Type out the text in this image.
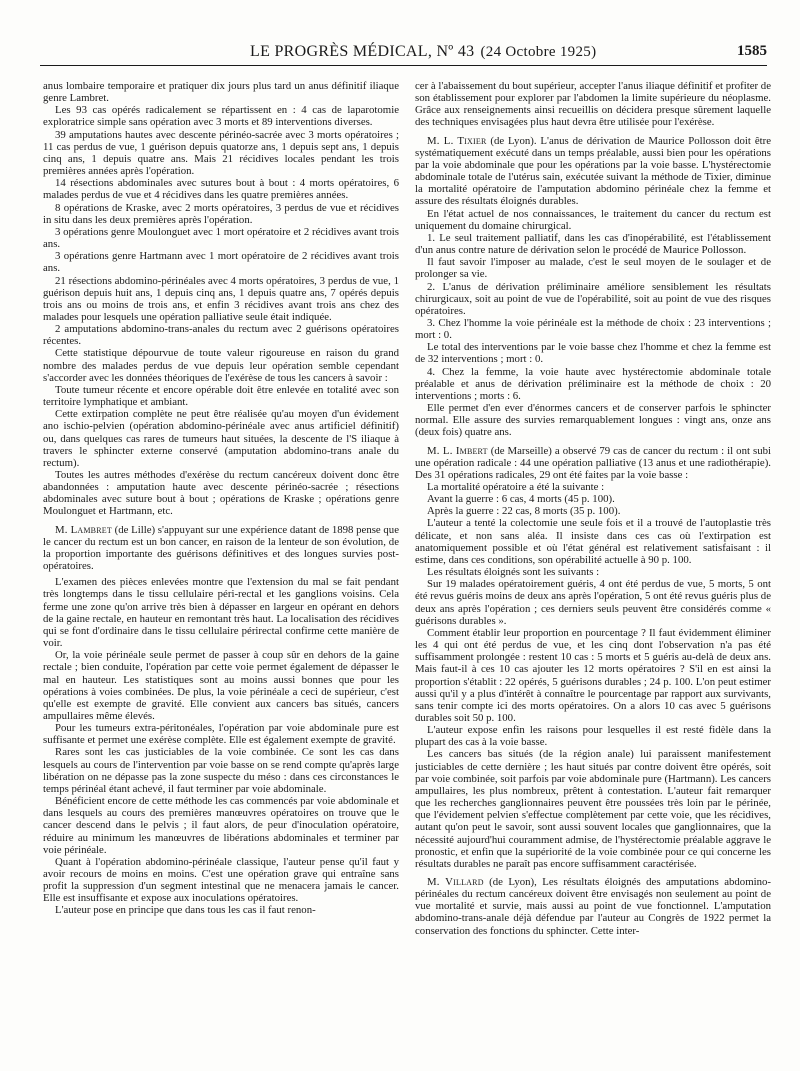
LE PROGRÈS MÉDICAL, Nº 43 (24 Octobre 1925)	1585

anus lombaire temporaire et pratiquer dix jours plus tard un anus définitif iliaque genre Lambret.

Les 93 cas opérés radicalement se répartissent en : 4 cas de laparotomie exploratrice simple sans opération avec 3 morts et 89 interventions diverses.

39 amputations hautes avec descente périnéo-sacrée avec 3 morts opératoires ; 11 cas perdus de vue, 1 guérison depuis quatorze ans, 1 depuis sept ans, 1 depuis cinq ans, 1 depuis quatre ans. Mais 21 récidives locales pendant les trois premières années après l'opération.

14 résections abdominales avec sutures bout à bout : 4 morts opératoires, 6 malades perdus de vue et 4 récidives dans les quatre premières années.

8 opérations de Kraske, avec 2 morts opératoires, 3 perdus de vue et récidives in situ dans les deux premières après l'opération.

3 opérations genre Moulonguet avec 1 mort opératoire et 2 récidives avant trois ans.

3 opérations genre Hartmann avec 1 mort opératoire de 2 récidives avant trois ans.

21 résections abdomino-périnéales avec 4 morts opératoires, 3 perdus de vue, 1 guérison depuis huit ans, 1 depuis cinq ans, 1 depuis quatre ans, 7 opérés depuis trois ans ou moins de trois ans, et enfin 3 récidives avant trois ans chez des malades pour lesquels une opération palliative seule était indiquée.

2 amputations abdomino-trans-anales du rectum avec 2 guérisons opératoires récentes.

Cette statistique dépourvue de toute valeur rigoureuse en raison du grand nombre des malades perdus de vue depuis leur opération semble cependant s'accorder avec les données théoriques de l'exérèse de tous les cancers à savoir :

Toute tumeur récente et encore opérable doit être enlevée en totalité avec son territoire lymphatique et ambiant.

Cette extirpation complète ne peut être réalisée qu'au moyen d'un évidement ano ischio-pelvien (opération abdomino-périnéale avec anus artificiel définitif) ou, dans quelques cas rares de tumeurs haut situées, la descente de l'S iliaque à travers le sphincter externe conservé (amputation abdomino-trans anale du rectum).

Toutes les autres méthodes d'exérèse du rectum cancéreux doivent donc être abandonnées : amputation haute avec descente périnéo-sacrée ; résections abdominales avec suture bout à bout ; opérations de Kraske ; opérations genre Moulonguet et Hartmann, etc.

M. Lambret (de Lille) s'appuyant sur une expérience datant de 1898 pense que le cancer du rectum est un bon cancer, en raison de la lenteur de son évolution, de la proportion importante des guérisons définitives et des longues survies post-opératoires.

L'examen des pièces enlevées montre que l'extension du mal se fait pendant très longtemps dans le tissu cellulaire péri-rectal et les ganglions voisins. Cela ferme une zone qu'on arrive très bien à dépasser en largeur en opérant en dehors de la gaine rectale, en hauteur en remontant très haut. La localisation des récidives qui se font d'ordinaire dans le tissu cellulaire périrectal confirme cette manière de voir.

Or, la voie périnéale seule permet de passer à coup sûr en dehors de la gaine rectale ; bien conduite, l'opération par cette voie permet également de dépasser le mal en hauteur. Les statistiques sont au moins aussi bonnes que pour les opérations à voies combinées. De plus, la voie périnéale a ceci de supérieur, c'est qu'elle est exempte de gravité. Elle convient aux cancers bas situés, cancers ampullaires même élevés.

Pour les tumeurs extra-péritonéales, l'opération par voie abdominale pure est suffisante et permet une exérèse complète. Elle est également exempte de gravité.

Rares sont les cas justiciables de la voie combinée. Ce sont les cas dans lesquels au cours de l'intervention par voie basse on se rend compte qu'après large libération on ne dépasse pas la zone suspecte du méso : dans ces circonstances le temps périnéal étant achevé, il faut terminer par voie abdominale.

Bénéficient encore de cette méthode les cas commencés par voie abdominale et dans lesquels au cours des premières manœuvres opératoires on trouve que le cancer descend dans le pelvis ; il faut alors, de peur d'inoculation opératoire, réduire au minimum les manœuvres de libérations abdominales et terminer par voie périnéale.

Quant à l'opération abdomino-périnéale classique, l'auteur pense qu'il faut y avoir recours de moins en moins. C'est une opération grave qui entraîne sans profit la suppression d'un segment intestinal que ne menacera jamais le cancer. Elle est insuffisante et expose aux inoculations opératoires.

L'auteur pose en principe que dans tous les cas il faut renon-

cer à l'abaissement du bout supérieur, accepter l'anus iliaque définitif et profiter de son établissement pour explorer par l'abdomen la limite supérieure du néoplasme. Grâce aux renseignements ainsi recueillis on décidera presque sûrement laquelle des techniques envisagées plus haut devra être utilisée pour l'exérèse.

M. L. Tixier (de Lyon). L'anus de dérivation de Maurice Pollosson doit être systématiquement exécuté dans un temps préalable, aussi bien pour les opérations par la voie abdominale que pour les opérations par la voie basse. L'hystérectomie abdominale totale de l'utérus sain, exécutée suivant la méthode de Tixier, diminue la mortalité opératoire de l'amputation abdomino périnéale chez la femme et assure des résultats éloignés durables.

En l'état actuel de nos connaissances, le traitement du cancer du rectum est uniquement du domaine chirurgical.

1. Le seul traitement palliatif, dans les cas d'inopérabilité, est l'établissement d'un anus contre nature de dérivation selon le procédé de Maurice Pollosson.

Il faut savoir l'imposer au malade, c'est le seul moyen de le soulager et de prolonger sa vie.

2. L'anus de dérivation préliminaire améliore sensiblement les résultats chirurgicaux, soit au point de vue de l'opérabilité, soit au point de vue des risques opératoires.

3. Chez l'homme la voie périnéale est la méthode de choix : 23 interventions ; mort : 0.

Le total des interventions par le voie basse chez l'homme et chez la femme est de 32 interventions ; mort : 0.

4. Chez la femme, la voie haute avec hystérectomie abdominale totale préalable et anus de dérivation préliminaire est la méthode de choix : 20 interventions ; morts : 6.

Elle permet d'en ever d'énormes cancers et de conserver parfois le sphincter normal. Elle assure des survies remarquablement longues : vingt ans, onze ans (deux fois) quatre ans.

M. L. Imbert (de Marseille) a observé 79 cas de cancer du rectum : il ont subi une opération radicale : 44 une opération palliative (13 anus et une radiothérapie). Des 31 opérations radicales, 29 ont été faites par la voie basse :

La mortalité opératoire a été la suivante :

Avant la guerre : 6 cas, 4 morts (45 p. 100).

Après la guerre : 22 cas, 8 morts (35 p. 100).

L'auteur a tenté la colectomie une seule fois et il a trouvé de l'autoplastie très délicate, et non sans aléa. Il insiste dans ces cas où l'extirpation est anatomiquement possible et où l'état général est relativement satisfaisant : il estime, dans ces conditions, son opérabilité actuelle à 90 p. 100.

Les résultats éloignés sont les suivants :

Sur 19 malades opératoirement guéris, 4 ont été perdus de vue, 5 morts, 5 ont été revus guéris moins de deux ans après l'opération, 5 ont été revus guéris plus de deux ans après l'opération ; ces derniers seuls peuvent être considérés comme « guérisons durables ».

Comment établir leur proportion en pourcentage ? Il faut évidemment éliminer les 4 qui ont été perdus de vue, et les cinq dont l'observation n'a pas été suffisamment prolongée : restent 10 cas : 5 morts et 5 guéris au-delà de deux ans. Mais faut-il à ces 10 cas ajouter les 12 morts opératoires ? S'il en est ainsi la proportion s'établit : 22 opérés, 5 guérisons durables ; 24 p. 100. L'on peut estimer aussi qu'il y a plus d'intérêt à connaître le pourcentage par rapport aux survivants, sans tenir compte ici des morts opératoires. On a alors 10 cas avec 5 guérisons durables soit 50 p. 100.

L'auteur expose enfin les raisons pour lesquelles il est resté fidèle dans la plupart des cas à la voie basse.

Les cancers bas situés (de la région anale) lui paraissent manifestement justiciables de cette dernière ; les haut situés par contre doivent être opérés, soit par voie combinée, soit parfois par voie abdominale pure (Hartmann). Les cancers ampullaires, les plus nombreux, prêtent à contestation. L'auteur fait remarquer que les recherches ganglionnaires peuvent être poussées très loin par le périnée, que l'évidement pelvien s'effectue complètement par cette voie, que les récidives, autant qu'on peut le savoir, sont aussi souvent locales que ganglionnaires, que la nécessité aujourd'hui couramment admise, de l'hystérectomie préalable aggrave le pronostic, et enfin que la supériorité de la voie combinée pour ce qui concerne les résultats durables ne paraît pas encore suffisamment caractérisée.

M. Villard (de Lyon), Les résultats éloignés des amputations abdomino-périnéales du rectum cancéreux doivent être envisagés non seulement au point de vue mortalité et survie, mais aussi au point de vue fonctionnel. L'amputation abdomino-trans-anale déjà défendue par l'auteur au Congrès de 1922 permet la conservation des fonctions du sphincter. Cette inter-
